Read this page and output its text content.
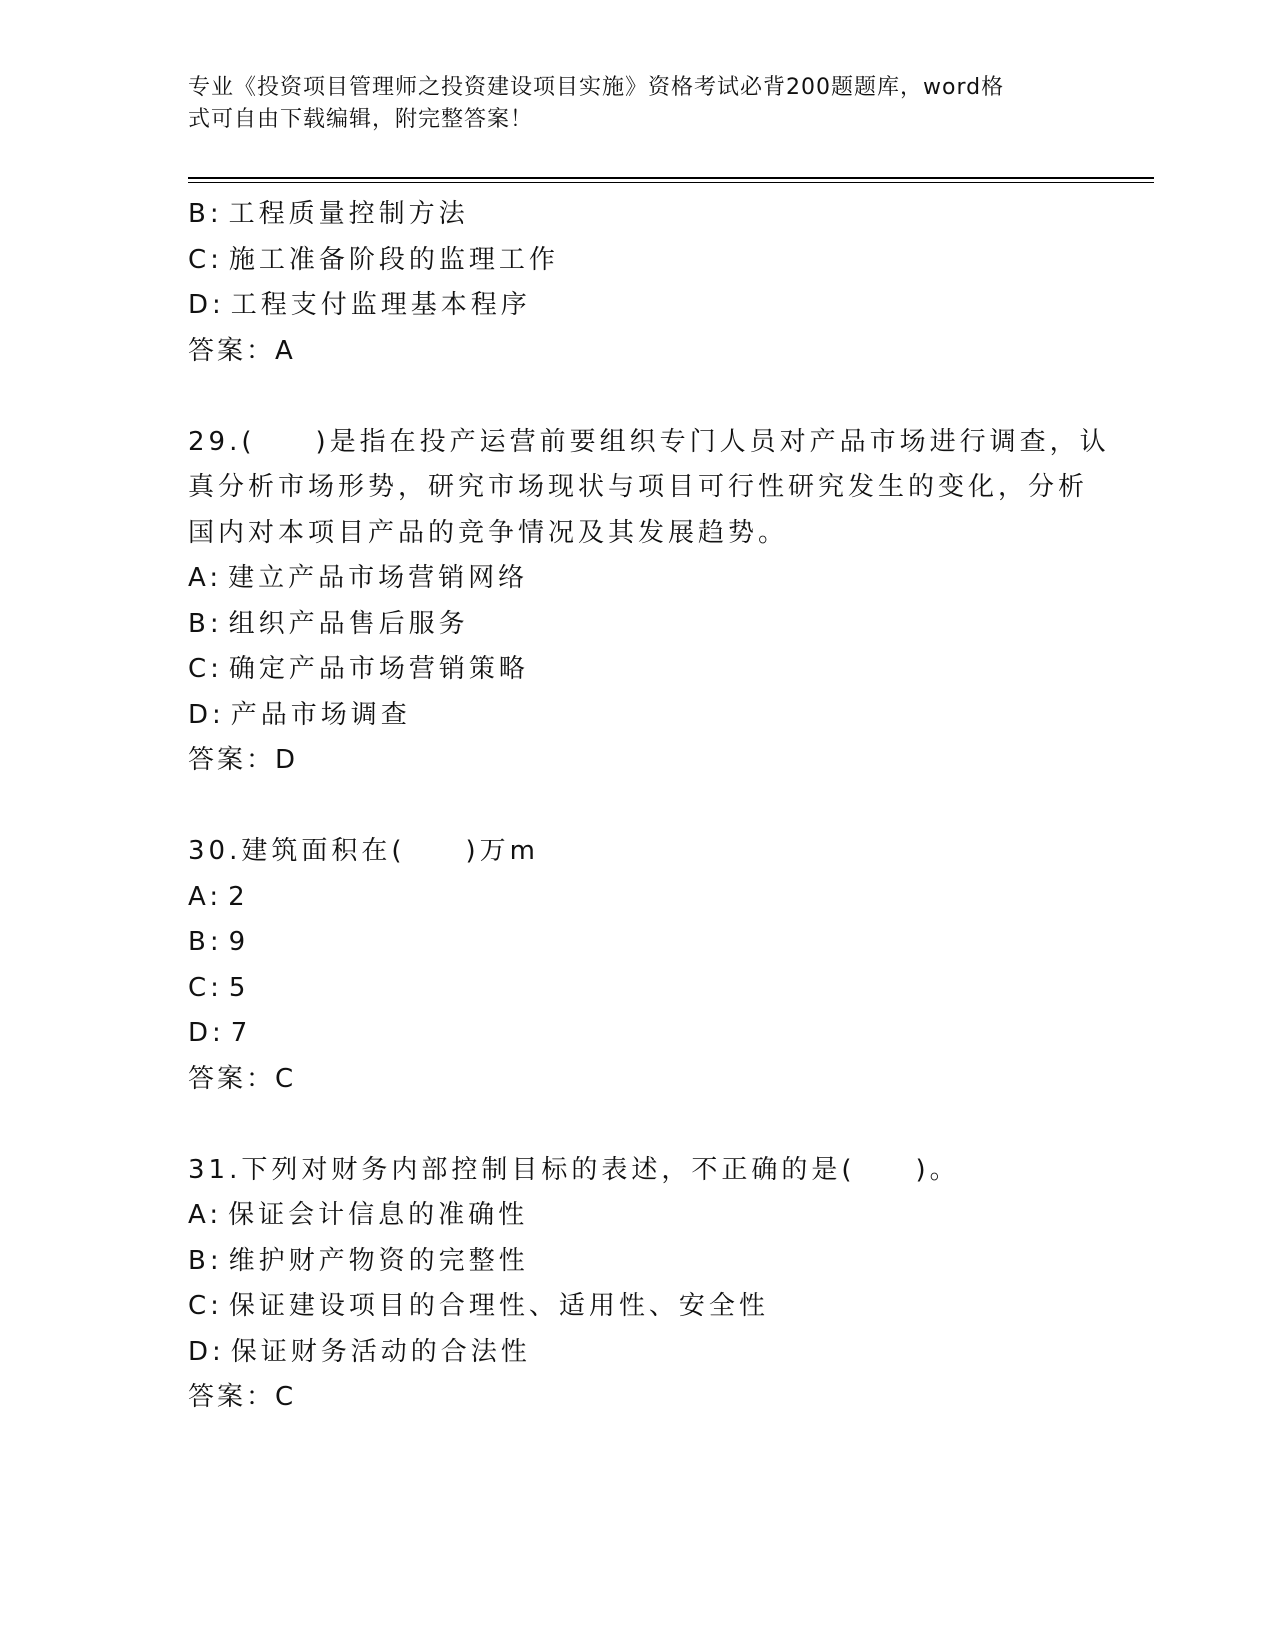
专业《投资项目管理师之投资建设项目实施》资格考试必背200题题库，word格
式可自由下载编辑，附完整答案！
B: 工程质量控制方法
C: 施工准备阶段的监理工作
D: 工程支付监理基本程序
答案：A
29.(　　)是指在投产运营前要组织专门人员对产品市场进行调查，认
真分析市场形势，研究市场现状与项目可行性研究发生的变化，分析
国内对本项目产品的竞争情况及其发展趋势。
A: 建立产品市场营销网络
B: 组织产品售后服务
C: 确定产品市场营销策略
D: 产品市场调查
答案：D
30.建筑面积在(　　)万m
A: 2
B: 9
C: 5
D: 7
答案：C
31.下列对财务内部控制目标的表述，不正确的是(　　)。
A: 保证会计信息的准确性
B: 维护财产物资的完整性
C: 保证建设项目的合理性、适用性、安全性
D: 保证财务活动的合法性
答案：C
